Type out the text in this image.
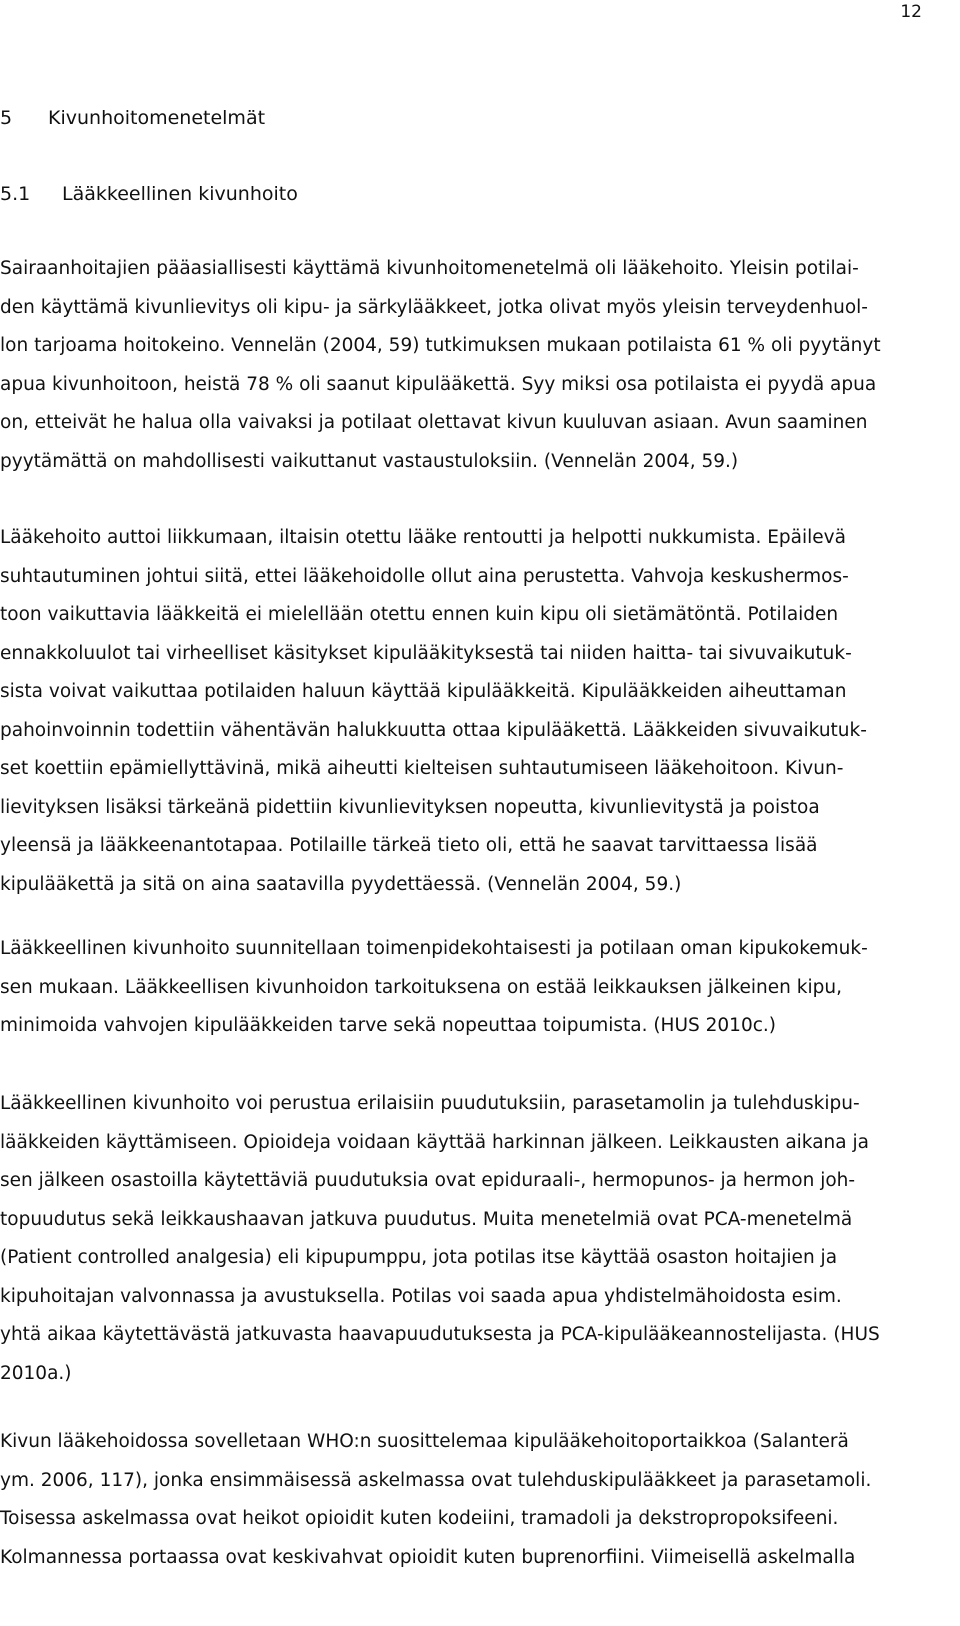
12
5 Kivunhoitomenetelmät
5.1 Lääkkeellinen kivunhoito
Sairaanhoitajien pääasiallisesti käyttämä kivunhoitomenetelmä oli lääkehoito. Yleisin potilai-
den käyttämä kivunlievitys oli kipu- ja särkylääkkeet, jotka olivat myös yleisin terveydenhuol-
lon tarjoama hoitokeino. Vennelän (2004, 59) tutkimuksen mukaan potilaista 61 % oli pyytänyt
apua kivunhoitoon, heistä 78 % oli saanut kipulääkettä. Syy miksi osa potilaista ei pyydä apua
on, etteivät he halua olla vaivaksi ja potilaat olettavat kivun kuuluvan asiaan. Avun saaminen
pyytämättä on mahdollisesti vaikuttanut vastaustuloksiin. (Vennelän 2004, 59.)
Lääkehoito auttoi liikkumaan, iltaisin otettu lääke rentoutti ja helpotti nukkumista. Epäilevä
suhtautuminen johtui siitä, ettei lääkehoidolle ollut aina perustetta. Vahvoja keskushermos-
toon vaikuttavia lääkkeitä ei mielellään otettu ennen kuin kipu oli sietämätöntä. Potilaiden
ennakkoluulot tai virheelliset käsitykset kipulääkityksestä tai niiden haitta- tai sivuvaikutuk-
sista voivat vaikuttaa potilaiden haluun käyttää kipulääkkeitä. Kipulääkkeiden aiheuttaman
pahoinvoinnin todettiin vähentävän halukkuutta ottaa kipulääkettä. Lääkkeiden sivuvaikutuk-
set koettiin epämiellyttävinä, mikä aiheutti kielteisen suhtautumiseen lääkehoitoon. Kivun-
lievityksen lisäksi tärkeänä pidettiin kivunlievityksen nopeutta, kivunlievitystä ja poistoa
yleensä ja lääkkeenantotapaa. Potilaille tärkeä tieto oli, että he saavat tarvittaessa lisää
kipulääkettä ja sitä on aina saatavilla pyydettäessä. (Vennelän 2004, 59.)
Lääkkeellinen kivunhoito suunnitellaan toimenpidekohtaisesti ja potilaan oman kipukokemuk-
sen mukaan. Lääkkeellisen kivunhoidon tarkoituksena on estää leikkauksen jälkeinen kipu,
minimoida vahvojen kipulääkkeiden tarve sekä nopeuttaa toipumista. (HUS 2010c.)
Lääkkeellinen kivunhoito voi perustua erilaisiin puudutuksiin, parasetamolin ja tulehduskipu-
lääkkeiden käyttämiseen. Opioideja voidaan käyttää harkinnan jälkeen. Leikkausten aikana ja
sen jälkeen osastoilla käytettäviä puudutuksia ovat epiduraali-, hermopunos- ja hermon joh-
topuudutus sekä leikkaushaavan jatkuva puudutus. Muita menetelmiä ovat PCA-menetelmä
(Patient controlled analgesia) eli kipupumppu, jota potilas itse käyttää osaston hoitajien ja
kipuhoitajan valvonnassa ja avustuksella. Potilas voi saada apua yhdistelmähoidosta esim.
yhtä aikaa käytettävästä jatkuvasta haavapuudutuksesta ja PCA-kipulääkeannostelijasta. (HUS
2010a.)
Kivun lääkehoidossa sovelletaan WHO:n suosittelemaa kipulääkehoitoportaikkoa (Salanterä
ym. 2006, 117), jonka ensimmäisessä askelmassa ovat tulehduskipulääkkeet ja parasetamoli.
Toisessa askelmassa ovat heikot opioidit kuten kodeiini, tramadoli ja dekstropropoksifeeni.
Kolmannessa portaassa ovat keskivahvat opioidit kuten buprenorfiini. Viimeisellä askelmalla
